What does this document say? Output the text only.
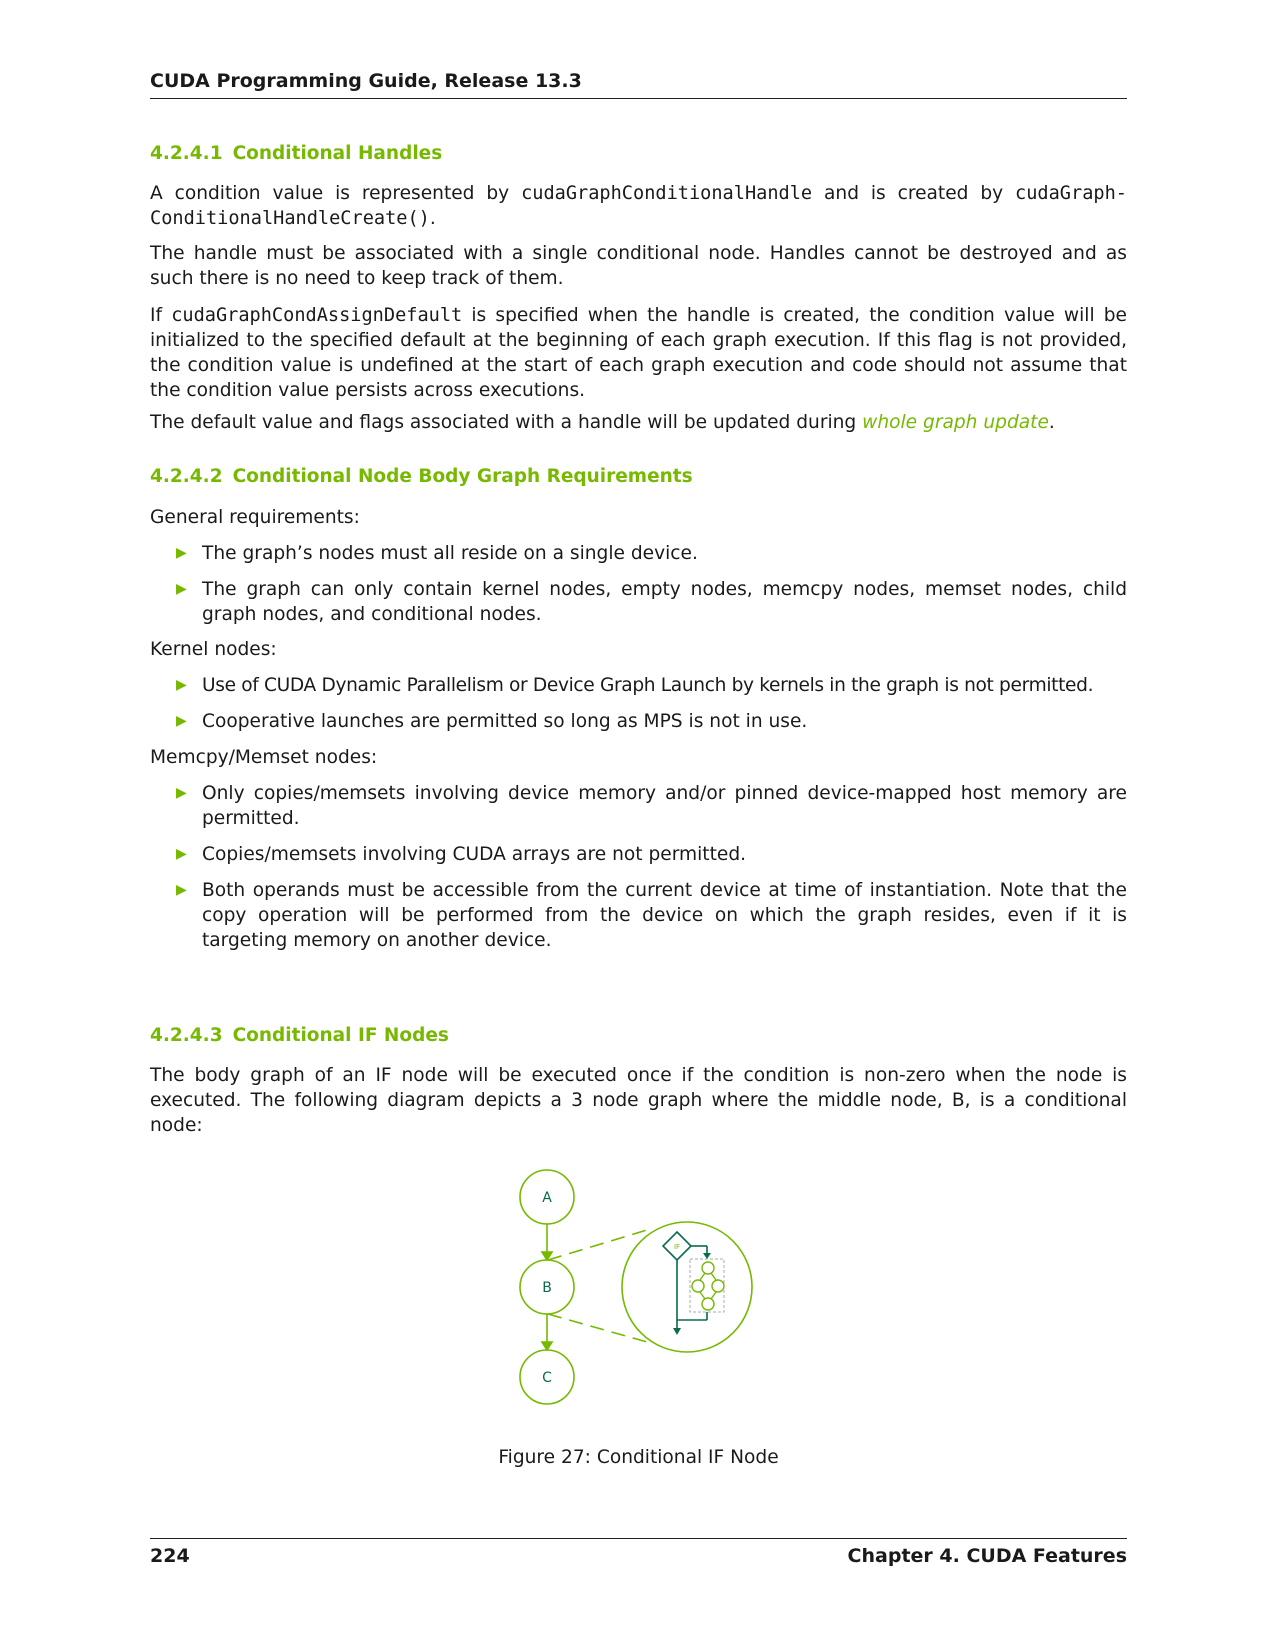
CUDA Programming Guide, Release 13.3
4.2.4.1 Conditional Handles

A condition value is represented by cudaGraphConditionalHandle and is created by cudaGraph-ConditionalHandleCreate().

The handle must be associated with a single conditional node. Handles cannot be destroyed and as such there is no need to keep track of them.

If cudaGraphCondAssignDefault is specified when the handle is created, the condition value will be initialized to the specified default at the beginning of each graph execution. If this flag is not provided, the condition value is undefined at the start of each graph execution and code should not assume that the condition value persists across executions.

The default value and flags associated with a handle will be updated during whole graph update.

4.2.4.2 Conditional Node Body Graph Requirements

General requirements:

▶ The graph’s nodes must all reside on a single device.
▶ The graph can only contain kernel nodes, empty nodes, memcpy nodes, memset nodes, child graph nodes, and conditional nodes.

Kernel nodes:

▶ Use of CUDA Dynamic Parallelism or Device Graph Launch by kernels in the graph is not permitted.
▶ Cooperative launches are permitted so long as MPS is not in use.

Memcpy/Memset nodes:

▶ Only copies/memsets involving device memory and/or pinned device-mapped host memory are permitted.
▶ Copies/memsets involving CUDA arrays are not permitted.
▶ Both operands must be accessible from the current device at time of instantiation. Note that the copy operation will be performed from the device on which the graph resides, even if it is targeting memory on another device.
4.2.4.3 Conditional IF Nodes

The body graph of an IF node will be executed once if the condition is non-zero when the node is executed. The following diagram depicts a 3 node graph where the middle node, B, is a conditional node:

A
B
C
IF
Figure 27: Conditional IF Node
224	Chapter 4. CUDA Features
